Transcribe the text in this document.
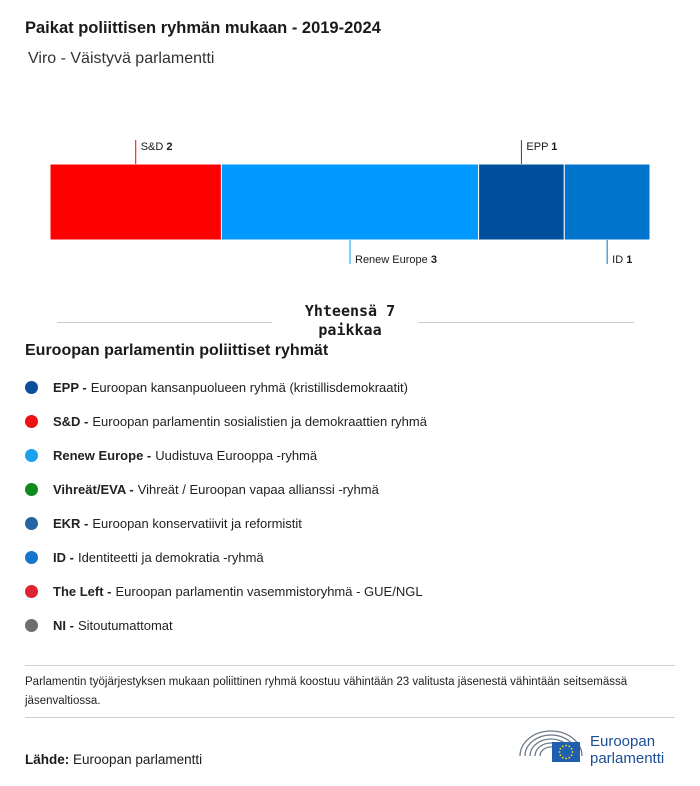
Paikat poliittisen ryhmän mukaan - 2019-2024
Viro - Väistyvä parlamentti
S&D 2
Renew Europe 3
EPP 1
ID 1
Yhteensä 7 paikkaa
Euroopan parlamentin poliittiset ryhmät
EPP - Euroopan kansanpuolueen ryhmä (kristillisdemokraatit)
S&D - Euroopan parlamentin sosialistien ja demokraattien ryhmä
Renew Europe - Uudistuva Eurooppa -ryhmä
Vihreät/EVA - Vihreät / Euroopan vapaa allianssi -ryhmä
EKR - Euroopan konservatiivit ja reformistit
ID - Identiteetti ja demokratia -ryhmä
The Left - Euroopan parlamentin vasemmistoryhmä - GUE/NGL
NI - Sitoutumattomat
Parlamentin työjärjestyksen mukaan poliittinen ryhmä koostuu vähintään 23 valitusta jäsenestä vähintään seitsemässä jäsenvaltiossa.
Lähde: Euroopan parlamentti
Euroopan
parlamentti
